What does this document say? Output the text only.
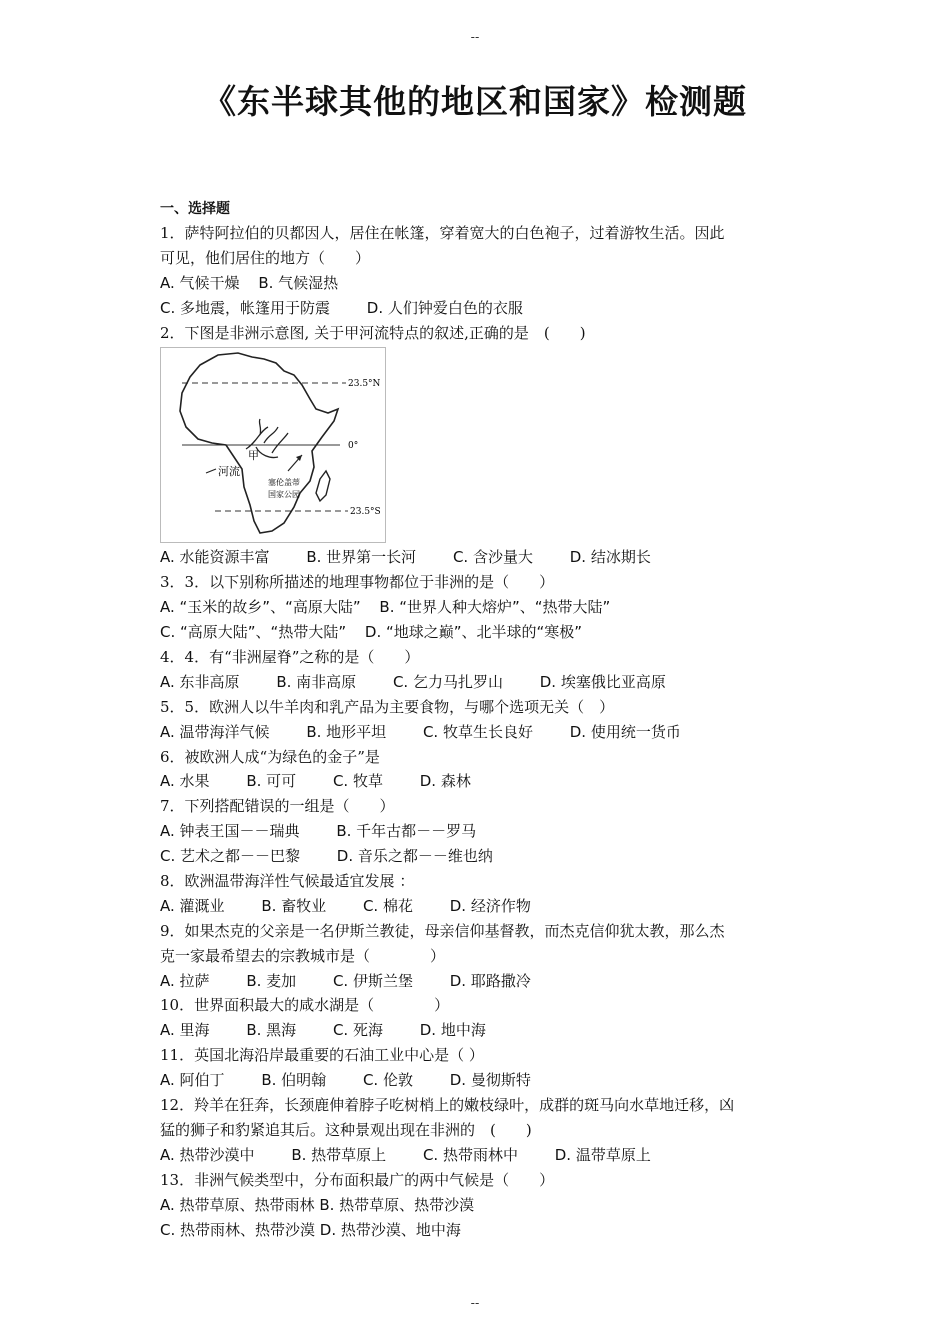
--
《东半球其他的地区和国家》检测题
一、选择题
1．萨特阿拉伯的贝都因人，居住在帐篷，穿着宽大的白色袍子，过着游牧生活。因此
可见，他们居住的地方（　　）
A. 气候干燥 B. 气候湿热
C. 多地震，帐篷用于防震 D. 人们钟爱白色的衣服
2．下图是非洲示意图, 关于甲河流特点的叙述,正确的是　(　　)
23.5°N
0°
23.5°S
甲
河流
塞伦盖蒂
国家公园
A. 水能资源丰富 B. 世界第一长河 C. 含沙量大 D. 结冰期长
3．3．以下别称所描述的地理事物都位于非洲的是（　　）
A. “玉米的故乡”、“高原大陆” B. “世界人种大熔炉”、“热带大陆”
C. “高原大陆”、“热带大陆” D. “地球之巅”、北半球的“寒极”
4．4．有“非洲屋脊”之称的是（　　）
A. 东非高原 B. 南非高原 C. 乞力马扎罗山 D. 埃塞俄比亚高原
5．5．欧洲人以牛羊肉和乳产品为主要食物，与哪个选项无关（　）
A. 温带海洋气候 B. 地形平坦 C. 牧草生长良好 D. 使用统一货币
6．被欧洲人成“为绿色的金子”是
A. 水果 B. 可可 C. 牧草 D. 森林
7．下列搭配错误的一组是（　　）
A. 钟表王国－－瑞典 B. 千年古都－－罗马
C. 艺术之都－－巴黎 D. 音乐之都－－维也纳
8．欧洲温带海洋性气候最适宜发展 ：
A. 灌溉业 B. 畜牧业 C. 棉花 D. 经济作物
9．如果杰克的父亲是一名伊斯兰教徒，母亲信仰基督教，而杰克信仰犹太教，那么杰
克一家最希望去的宗教城市是（　　　　）
A. 拉萨 B. 麦加 C. 伊斯兰堡 D. 耶路撒冷
10．世界面积最大的咸水湖是（　　　　）
A. 里海 B. 黑海 C. 死海 D. 地中海
11．英国北海沿岸最重要的石油工业中心是（ ）
A. 阿伯丁 B. 伯明翰 C. 伦敦 D. 曼彻斯特
12．羚羊在狂奔，长颈鹿伸着脖子吃树梢上的嫩枝绿叶，成群的斑马向水草地迁移，凶
猛的狮子和豹紧追其后。这种景观出现在非洲的　(　　)
A. 热带沙漠中 B. 热带草原上 C. 热带雨林中 D. 温带草原上
13．非洲气候类型中，分布面积最广的两中气候是（　　）
A. 热带草原、热带雨林 B. 热带草原、热带沙漠
C. 热带雨林、热带沙漠 D. 热带沙漠、地中海
--
